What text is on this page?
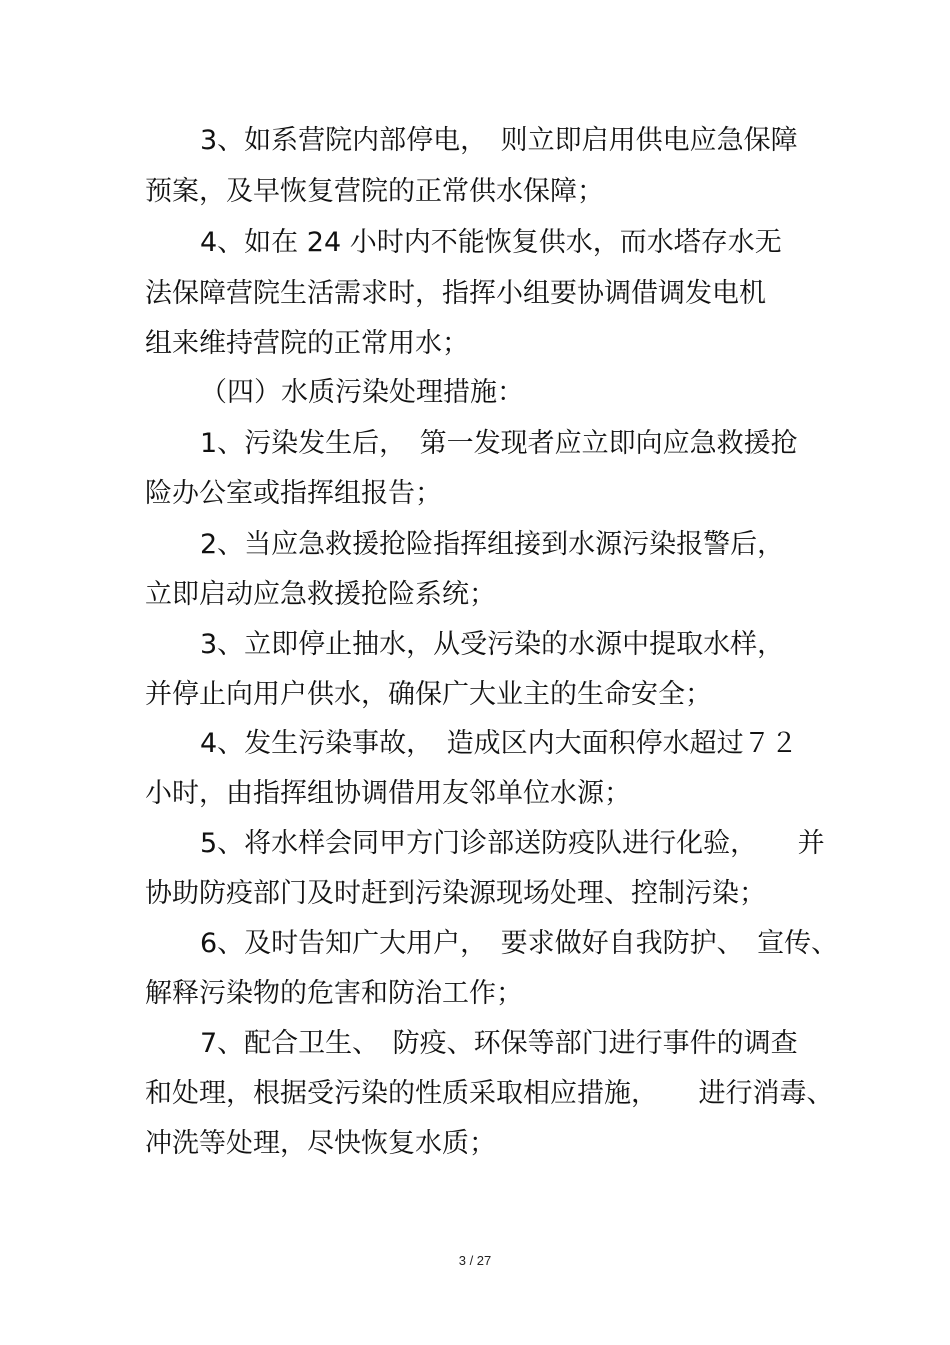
3、如系营院内部停电，　则立即启用供电应急保障
预案，及早恢复营院的正常供水保障；
4、如在 24 小时内不能恢复供水，而水塔存水无
法保障营院生活需求时，指挥小组要协调借调发电机
组来维持营院的正常用水；
（四）水质污染处理措施：
1、污染发生后，　第一发现者应立即向应急救援抢
险办公室或指挥组报告；
2、当应急救援抢险指挥组接到水源污染报警后，
立即启动应急救援抢险系统；
3、立即停止抽水，从受污染的水源中提取水样，
并停止向用户供水，确保广大业主的生命安全；
4、发生污染事故，　造成区内大面积停水超过７２
小时，由指挥组协调借用友邻单位水源；
5、将水样会同甲方门诊部送防疫队进行化验，　　并
协助防疫部门及时赶到污染源现场处理、控制污染；
6、及时告知广大用户，　要求做好自我防护、　宣传、
解释污染物的危害和防治工作；
7、配合卫生、　防疫、环保等部门进行事件的调查
和处理，根据受污染的性质采取相应措施，　　进行消毒、
冲洗等处理，尽快恢复水质；
3 / 27
